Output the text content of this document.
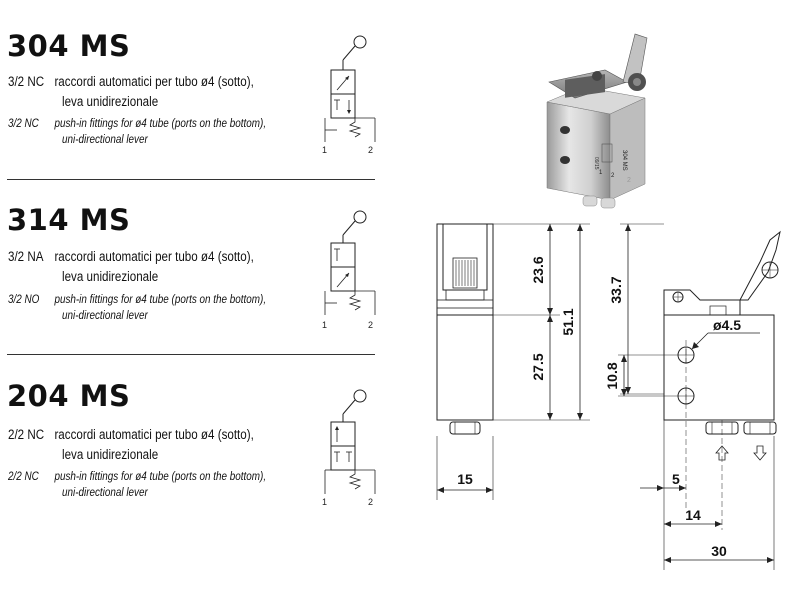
304 MS
3/2 NC raccordi automatici per tubo ø4 (sotto),
leva unidirezionale
3/2 NC push-in fittings for ø4 tube (ports on the bottom),
uni-directional lever
1	2
314 MS
3/2 NA raccordi automatici per tubo ø4 (sotto),
leva unidirezionale
3/2 NO push-in fittings for ø4 tube (ports on the bottom),
uni-directional lever
1	2
204 MS
2/2 NC raccordi automatici per tubo ø4 (sotto),
leva unidirezionale
2/2 NC push-in fittings for ø4 tube (ports on the bottom),
uni-directional lever
1	2
304 MS
09/15
1 2
2
23.6
27.5
51.1
15
33.7
10.8
ø4.5
5
14
30
